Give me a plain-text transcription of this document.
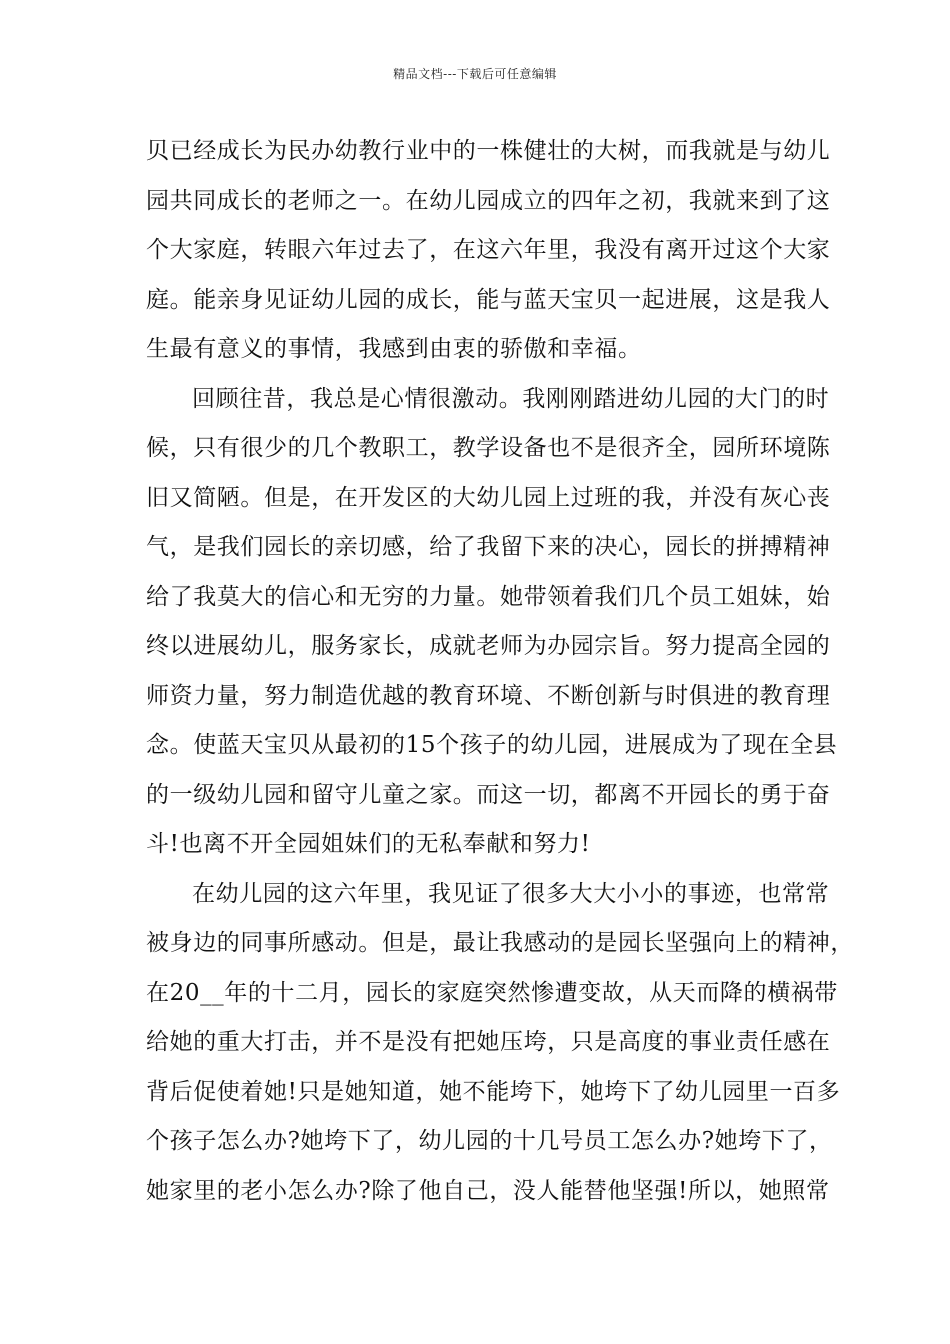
精品文档---下载后可任意编辑
贝已经成长为民办幼教行业中的一株健壮的大树，而我就是与幼儿
园共同成长的老师之一。在幼儿园成立的四年之初，我就来到了这
个大家庭，转眼六年过去了，在这六年里，我没有离开过这个大家
庭。能亲身见证幼儿园的成长，能与蓝天宝贝一起进展，这是我人
生最有意义的事情，我感到由衷的骄傲和幸福。
回顾往昔，我总是心情很激动。我刚刚踏进幼儿园的大门的时
候，只有很少的几个教职工，教学设备也不是很齐全，园所环境陈
旧又简陋。但是，在开发区的大幼儿园上过班的我，并没有灰心丧
气，是我们园长的亲切感，给了我留下来的决心，园长的拼搏精神
给了我莫大的信心和无穷的力量。她带领着我们几个员工姐妹，始
终以进展幼儿，服务家长，成就老师为办园宗旨。努力提高全园的
师资力量，努力制造优越的教育环境、不断创新与时俱进的教育理
念。使蓝天宝贝从最初的15个孩子的幼儿园，进展成为了现在全县
的一级幼儿园和留守儿童之家。而这一切，都离不开园长的勇于奋
斗!也离不开全园姐妹们的无私奉献和努力!
在幼儿园的这六年里，我见证了很多大大小小的事迹，也常常
被身边的同事所感动。但是，最让我感动的是园长坚强向上的精神，
在20__年的十二月，园长的家庭突然惨遭变故，从天而降的横祸带
给她的重大打击，并不是没有把她压垮，只是高度的事业责任感在
背后促使着她!只是她知道，她不能垮下，她垮下了幼儿园里一百多
个孩子怎么办?她垮下了，幼儿园的十几号员工怎么办?她垮下了，
她家里的老小怎么办?除了他自己，没人能替他坚强!所以，她照常
